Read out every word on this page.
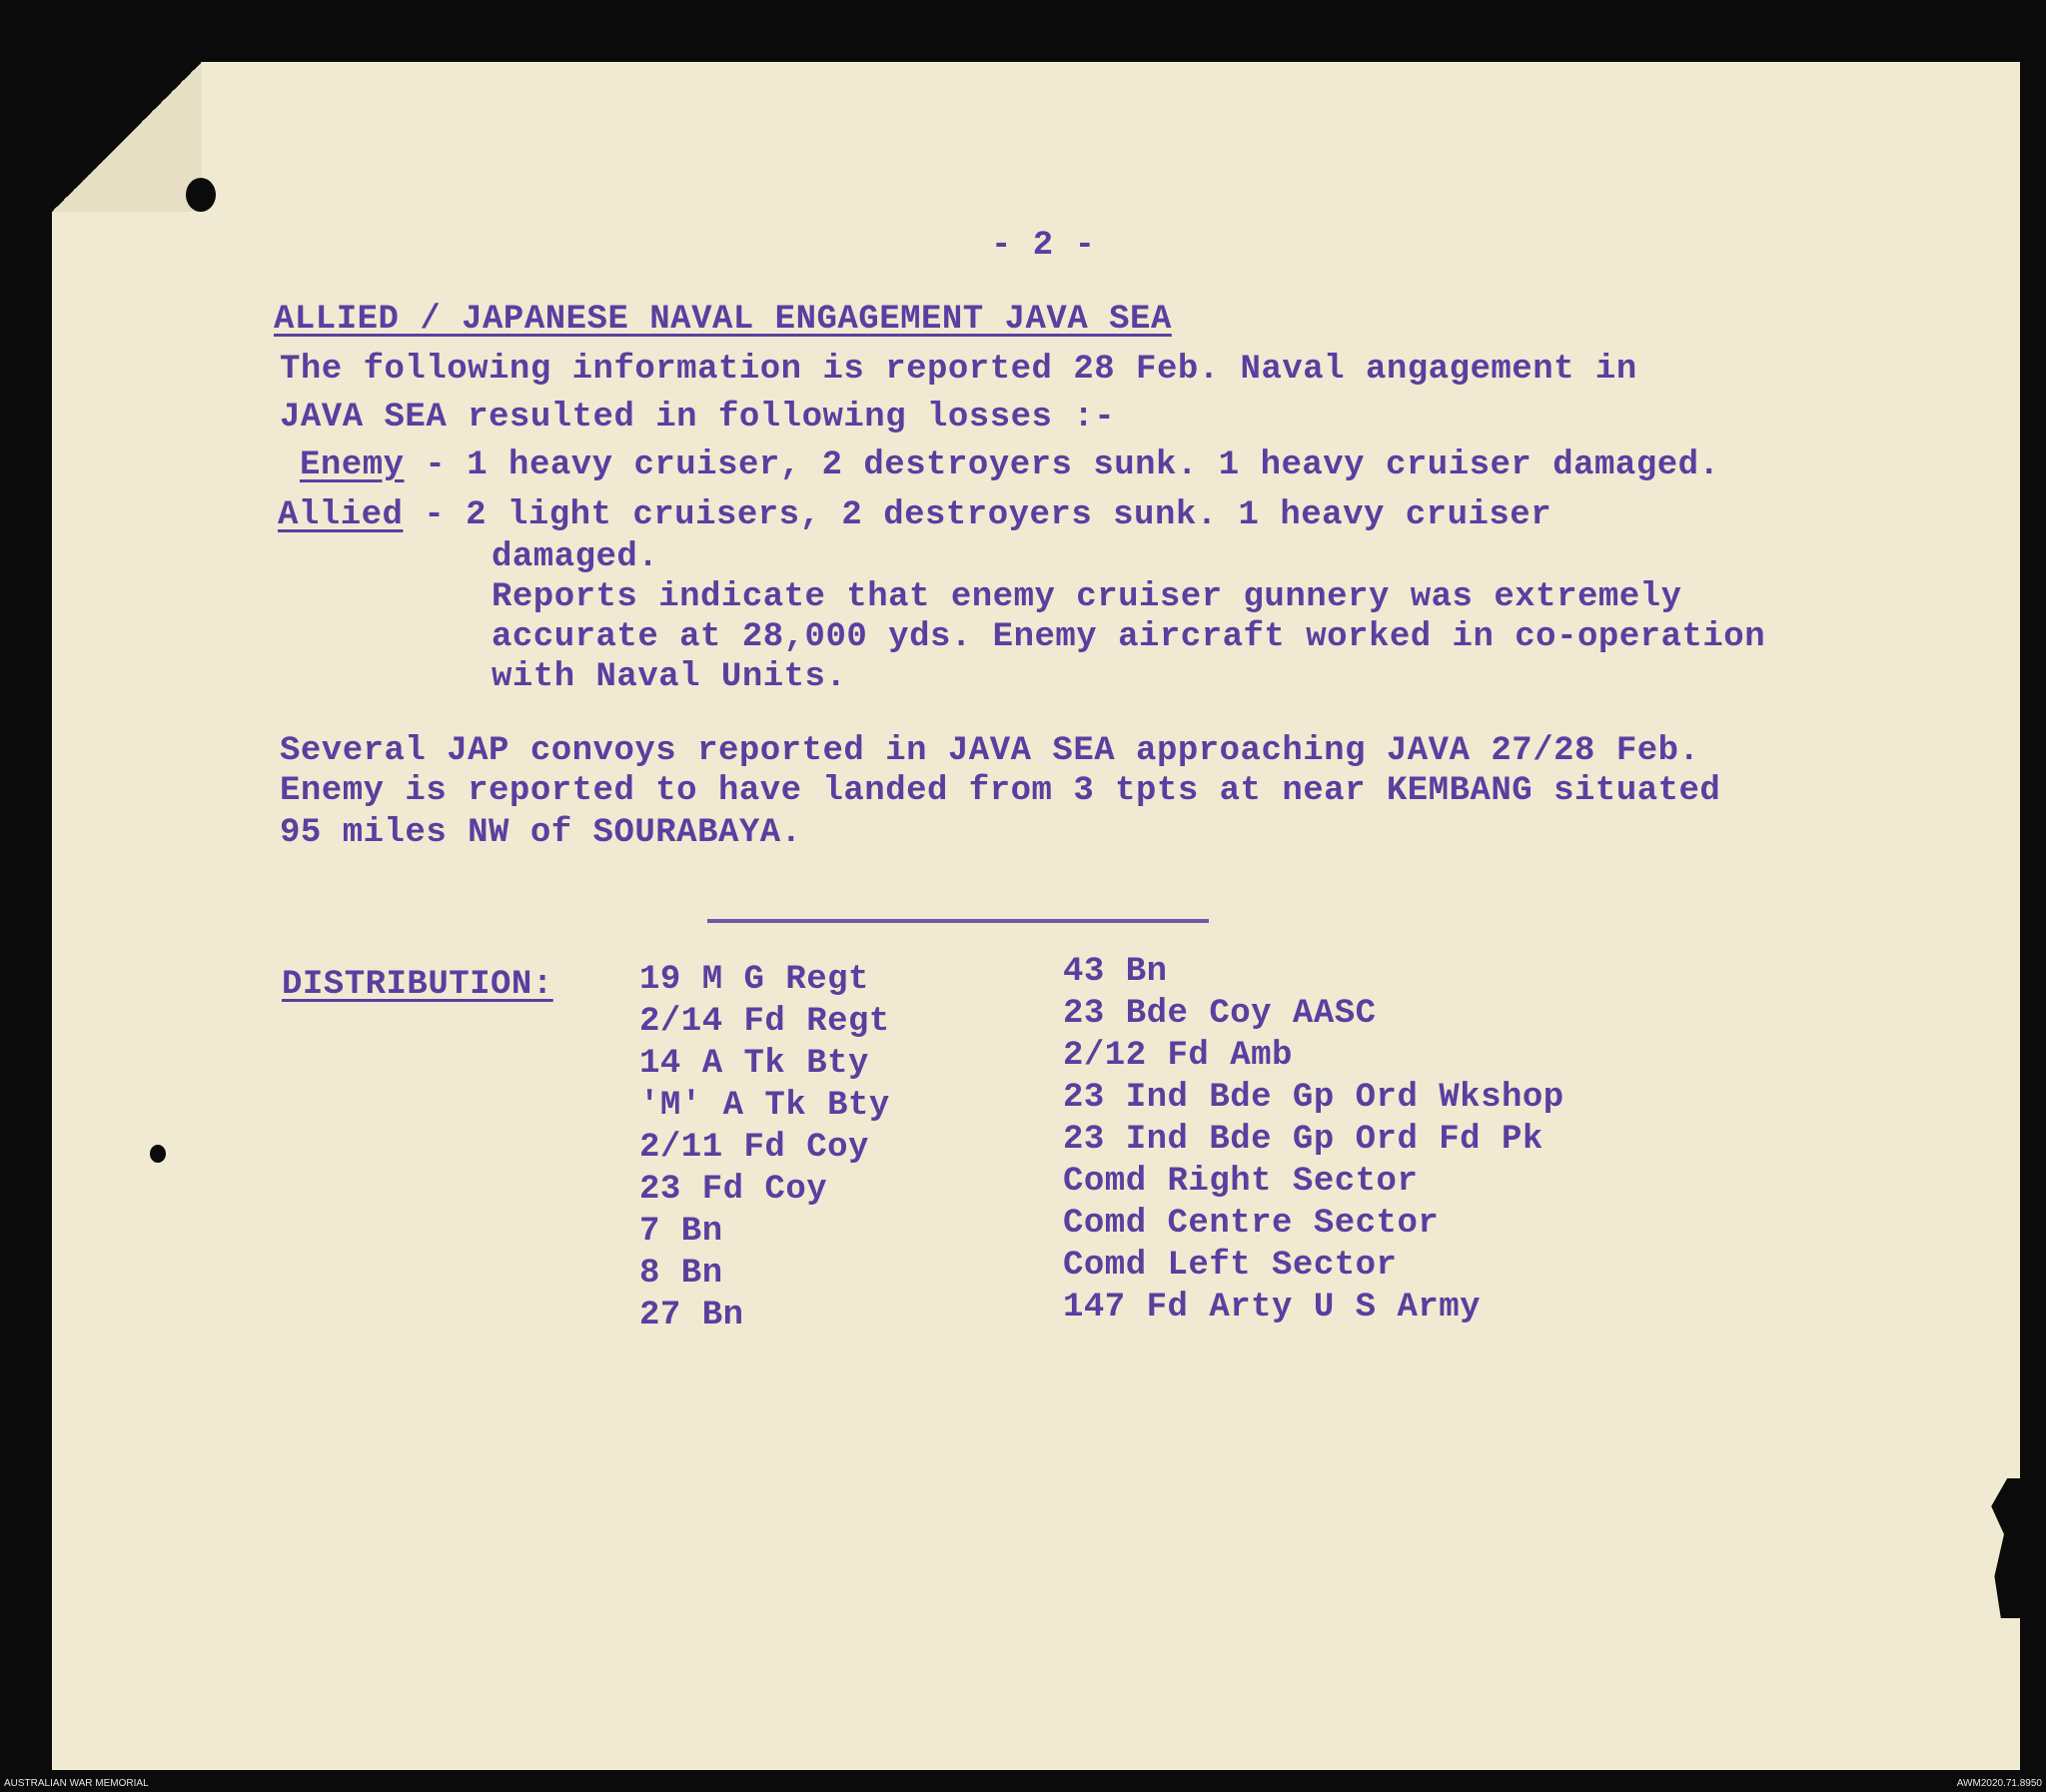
- 2 -

ALLIED / JAPANESE NAVAL ENGAGEMENT JAVA SEA

The following information is reported 28 Feb. Naval angagement in

JAVA SEA resulted in following losses :-

Enemy - 1 heavy cruiser, 2 destroyers sunk. 1 heavy cruiser damaged.

Allied - 2 light cruisers, 2 destroyers sunk. 1 heavy cruiser

damaged.

Reports indicate that enemy cruiser gunnery was extremely

accurate at 28,000 yds. Enemy aircraft worked in co-operation

with Naval Units.

Several JAP convoys reported in JAVA SEA approaching JAVA 27/28 Feb.

Enemy is reported to have landed from 3 tpts at near KEMBANG situated

95 miles NW of SOURABAYA.

DISTRIBUTION:	19 M G Regt

2/14 Fd Regt

14 A Tk Bty

'M' A Tk Bty

2/11 Fd Coy

23 Fd Coy

7 Bn

8 Bn

27 Bn

43 Bn

23 Bde Coy AASC

2/12 Fd Amb

23 Ind Bde Gp Ord Wkshop

23 Ind Bde Gp Ord Fd Pk

Comd Right Sector

Comd Centre Sector

Comd Left Sector

147 Fd Arty U S Army

AUSTRALIAN WAR MEMORIAL	AWM2020.71.8950
